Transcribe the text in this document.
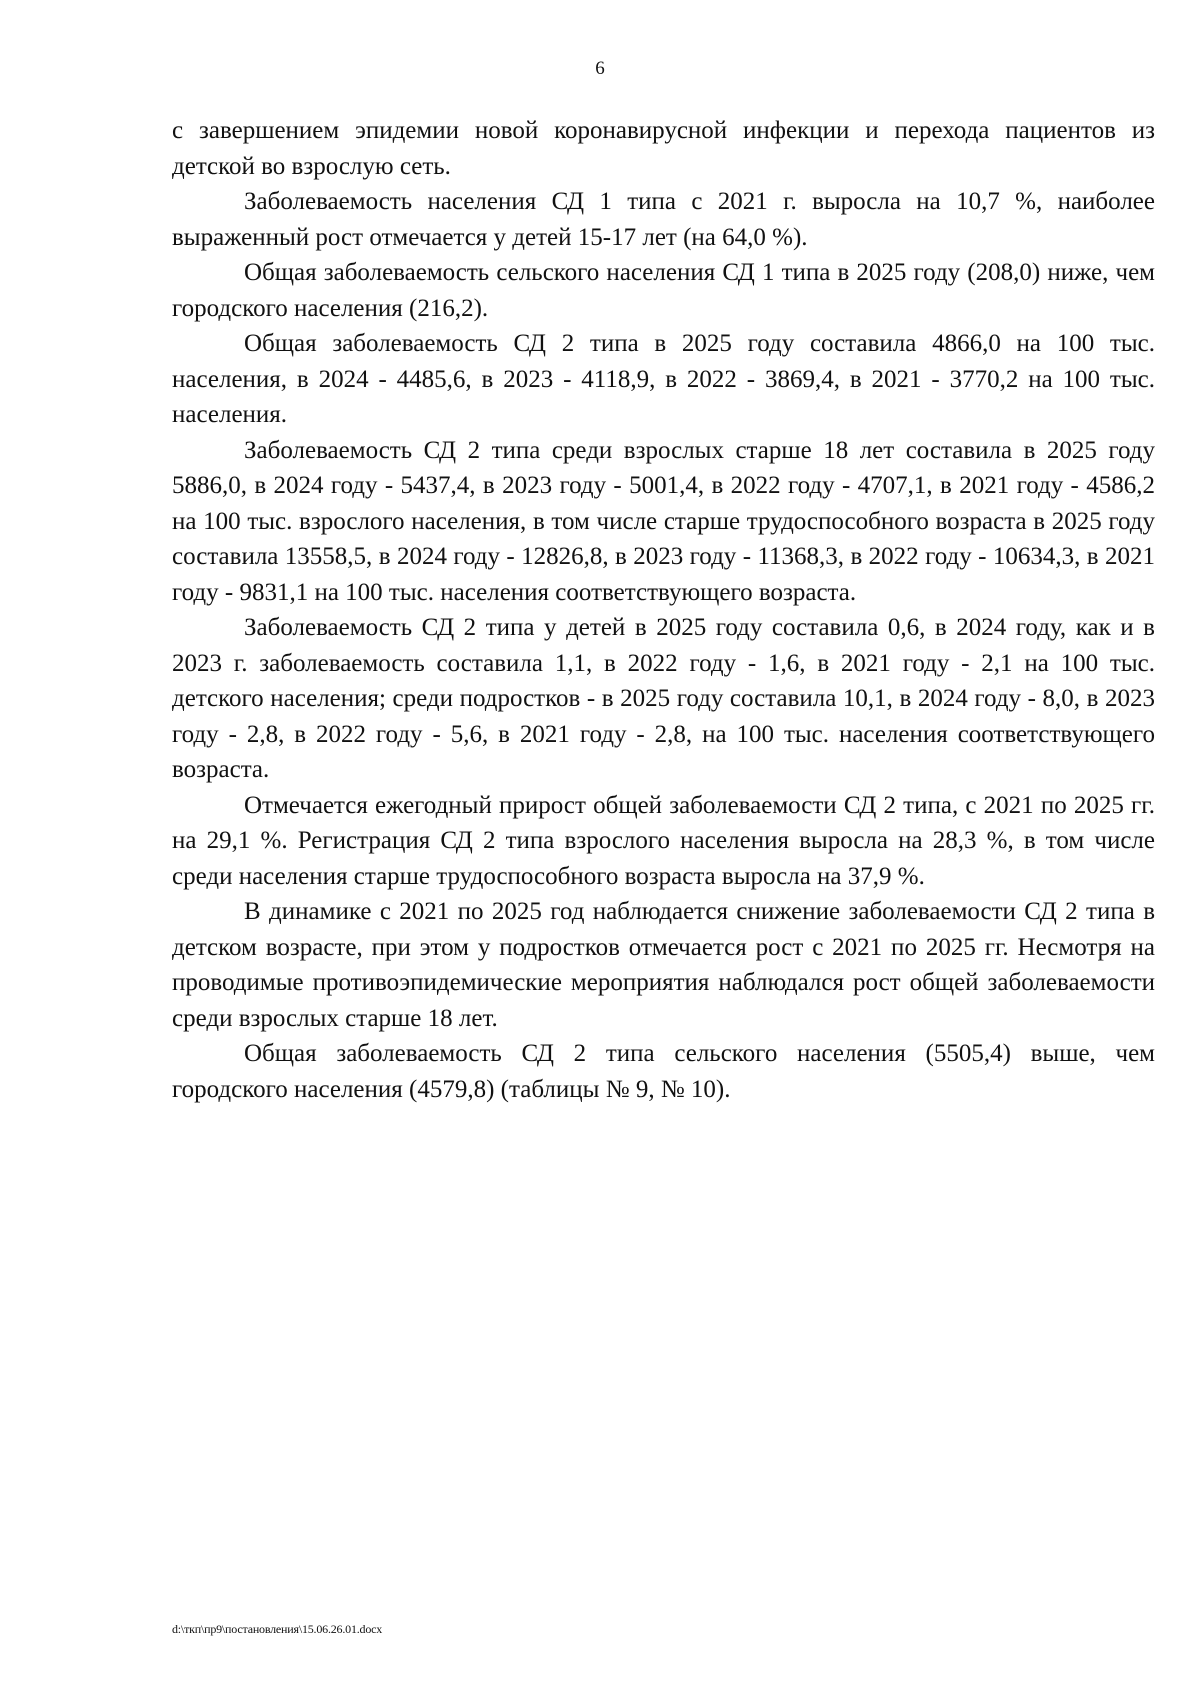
6

с завершением эпидемии новой коронавирусной инфекции и перехода пациентов из детской во взрослую сеть.

Заболеваемость населения СД 1 типа с 2021 г. выросла на 10,7 %, наиболее выраженный рост отмечается у детей 15-17 лет (на 64,0 %).

Общая заболеваемость сельского населения СД 1 типа в 2025 году (208,0) ниже, чем городского населения (216,2).

Общая заболеваемость СД 2 типа в 2025 году составила 4866,0 на 100 тыс. населения, в 2024 - 4485,6, в 2023 - 4118,9, в 2022 - 3869,4, в 2021 - 3770,2 на 100 тыс. населения.

Заболеваемость СД 2 типа среди взрослых старше 18 лет составила в 2025 году 5886,0, в 2024 году - 5437,4, в 2023 году - 5001,4, в 2022 году - 4707,1, в 2021 году - 4586,2 на 100 тыс. взрослого населения, в том числе старше трудоспособного возраста в 2025 году составила 13558,5, в 2024 году - 12826,8, в 2023 году - 11368,3, в 2022 году - 10634,3, в 2021 году - 9831,1 на 100 тыс. населения соответствующего возраста.

Заболеваемость СД 2 типа у детей в 2025 году составила 0,6, в 2024 году, как и в 2023 г. заболеваемость составила 1,1, в 2022 году - 1,6, в 2021 году - 2,1 на 100 тыс. детского населения; среди подростков - в 2025 году составила 10,1, в 2024 году - 8,0, в 2023 году - 2,8, в 2022 году - 5,6, в 2021 году - 2,8, на 100 тыс. населения соответствующего возраста.

Отмечается ежегодный прирост общей заболеваемости СД 2 типа, с 2021 по 2025 гг. на 29,1 %. Регистрация СД 2 типа взрослого населения выросла на 28,3 %, в том числе среди населения старше трудоспособного возраста выросла на 37,9 %.

В динамике с 2021 по 2025 год наблюдается снижение заболеваемости СД 2 типа в детском возрасте, при этом у подростков отмечается рост с 2021 по 2025 гг. Несмотря на проводимые противоэпидемические мероприятия наблюдался рост общей заболеваемости среди взрослых старше 18 лет.

Общая заболеваемость СД 2 типа сельского населения (5505,4) выше, чем городского населения (4579,8) (таблицы № 9, № 10).

d:\ткп\пр9\постановления\15.06.26.01.docx
